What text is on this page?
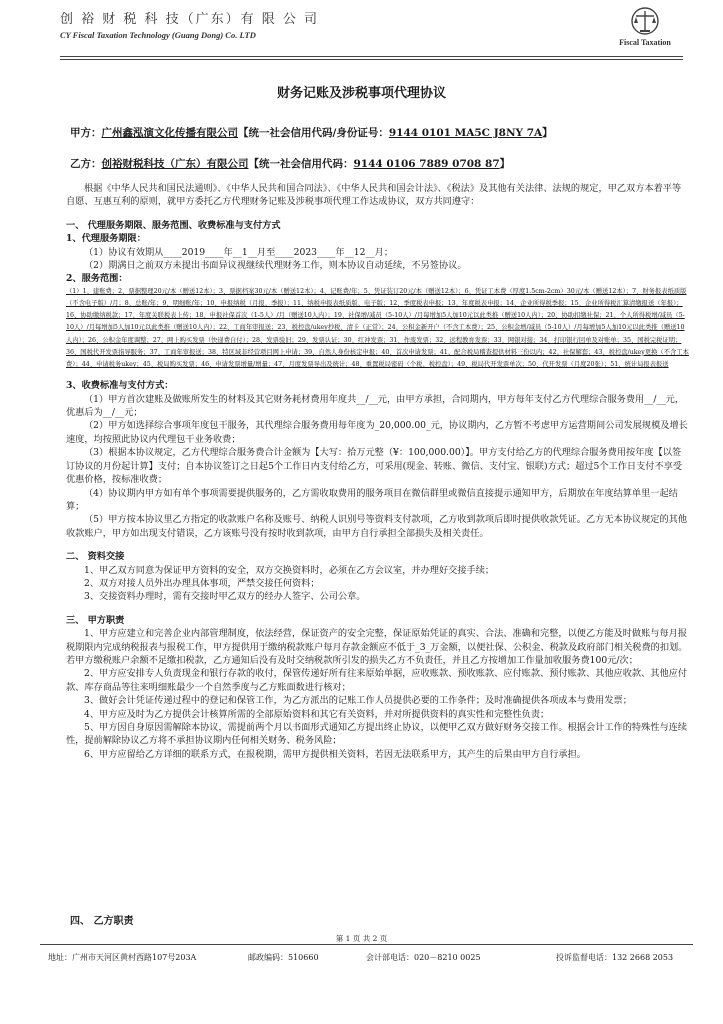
创 裕 财 税 科 技（广东）有 限 公 司
CY Fiscal Taxation Technology (Guang Dong) Co. LTD
Fiscal Taxation
财务记账及涉税事项代理协议
甲方：广州鑫泓演文化传播有限公司【统一社会信用代码/身份证号：9144 0101 MA5C J8NY 7A】
乙方：创裕财税科技（广东）有限公司【统一社会信用代码：9144 0106 7889 0708 87】

根据《中华人民共和国民法通则》、《中华人民共和国合同法》、《中华人民共和国会计法》、《税法》及其他有关法律、法规的规定，甲乙双方本着平等自愿、互惠互利的原则，就甲方委托乙方代理财务记账及涉税事项代理工作达成协议，双方共同遵守：

一、 代理服务期限、服务范围、收费标准与支付方式

1、代理服务期限：

（1）协议有效期从____2019____年__1__月至____2023____年__12__月；

（2）期满日之前双方未提出书面异议视继续代理财务工作，则本协议自动延续，不另签协议。

2、服务范围：

（1）1、建账费；2、票据整理20元/本（赠送12本）；3、票据档案30元/本（赠送12本）；4、记账费/年；5、凭证装订20元/本（赠送12本）；6、凭证工本费（厚度1.5cm-2cm）30元/本（赠送12本）；7、财务报表纸质版（不含电子版）/月；8、总账/年；9、明细账/年；10、申报纳税（月报、季报）；11、纳税申报表纸质版、电子版；12、季度税表申报；13、年度税表申报；14、企业所得税季报；15、企业所得税汇算清缴报送（年报）；16、协助缴纳税款；17、年度关联税表上传；18、申报社保首次（1-5人）/月（赠送10人内）；19、社保增/减员（5-10人）/月每增加5人加10元以此类推（赠送10人内）；20、协助扣缴社保；21、个人所得税增/减员（5-10人）/月每增加5人加10元以此类推（赠送10人内）；22、工商年审报送；23、税控盘/ukey抄税、清卡（正常）；24、公积金新开户（不含工本费）；25、公积金增/减员（5-10人）/月每增加5人加10元以此类推（赠送10人内）；26、公积金年度调整；27、网上购买发票（快递费自付）；28、发票验旧；29、发票认证；30、红冲发票；31、作废发票；32、远程教育发票；33、网银对接；34、打印银行回单及对账单；35、国税完税证明；36、国税代开发票指导服务；37、工商年审报送；38、特区域非经营项目网上申请；39、自然人身份核定申报；40、首次申请发票；41、配合税局稽查提供材料三份以内；42、社保解套；43、税控盘/ukey更换（不含工本费）；44、申请税务ukey；45、税局购买发票；46、申请发票增量/增量；47、月度发票导出及统计；48、重置税局密码（个税、税控盘）；49、税局代开发票单次；50、代开发票（月度20张）；51、统计局报表报送

3、收费标准与支付方式：

（1）甲方首次建账及做账所发生的材料及其它财务耗材费用年度共__/__元，由甲方承担，合同期内，甲方每年支付乙方代理综合服务费用__/__元，优惠后为__/__元；

（2）甲方如选择综合事项年度包干服务，其代理综合服务费用每年度为_20,000.00_元，协议期内，乙方暂不考虑甲方运营期间公司发展规模及增长速度，均按照此协议内代理包干业务收费；

（3）根据本协议规定，乙方代理综合服务费合计金额为【大写：拾万元整（¥：100,000.00）】。甲方支付给乙方的代理综合服务费用按年度【以签订协议的月份起计算】支付；自本协议签订之日起5个工作日内支付给乙方，可采用(现金、转账、微信、支付宝、银联)方式；超过5个工作日支付不享受优惠价格，按标准收费；

（4）协议期内甲方如有单个事项需要提供服务的，乙方需收取费用的服务项目在微信群里或微信直接提示通知甲方，后期放在年度结算单里一起结算；

（5）甲方按本协议里乙方指定的收款账户名称及账号、纳税人识别号等资料支付款项，乙方收到款项后即时提供收款凭证。乙方无本协议规定的其他收款账户，甲方如出现支付错误，乙方该账号没有按时收到款项，由甲方自行承担全部损失及相关责任。

二、 资料交接

1、甲乙双方同意为保证甲方资料的安全，双方交换资料时，必须在乙方会议室，并办理好交接手续；

2、双方对接人员外出办理具体事项，严禁交接任何资料；

3、交接资料办理时，需有交接时甲乙双方的经办人签字、公司公章。

三、 甲方职责

1、甲方应建立和完善企业内部管理制度，依法经营，保证资产的安全完整，保证原始凭证的真实、合法、准确和完整，以便乙方能及时做账与每月报税期限内完成纳税报表与报税工作，甲方提供用于缴纳税款账户每月存款金额应不低于_3_万金额，以便社保、公积金、税款及政府部门相关税费的扣划。若甲方缴税账户余额不足缴扣税款，乙方通知后没有及时交纳税款所引发的损失乙方不负责任，并且乙方按增加工作量加收服务费100元/次；

2、甲方应安排专人负责现金和银行存款的收付，保管传递好所有往来原始单据，应收账款、预收账款、应付账款、预付账款、其他应收款、其他应付款、库存商品等往来明细账最少一个自然季度与乙方账面数进行核对；

3、做好会计凭证传递过程中的登记和保管工作，为乙方派出的记账工作人员提供必要的工作条件；及时准确提供各项成本与费用发票；

4、甲方应及时为乙方提供会计核算所需的全部原始资料和其它有关资料，并对所提供资料的真实性和完整性负责；

5、甲方因自身原因需解除本协议，需提前两个月以书面形式通知乙方提出终止协议，以便甲乙双方做好财务交接工作。根据会计工作的特殊性与连续性，提前解除协议乙方将不承担协议期内任何相关财务、税务风险；

6、甲方应留给乙方详细的联系方式，在报税期，需甲方提供相关资料，若因无法联系甲方，其产生的后果由甲方自行承担。

四、 乙方职责
第 1 页 共 2 页
地址：广州市天河区黄村西路107号203A	邮政编码：510660	会计部电话：020－8210 0025	投诉监督电话：132 2668 2053
